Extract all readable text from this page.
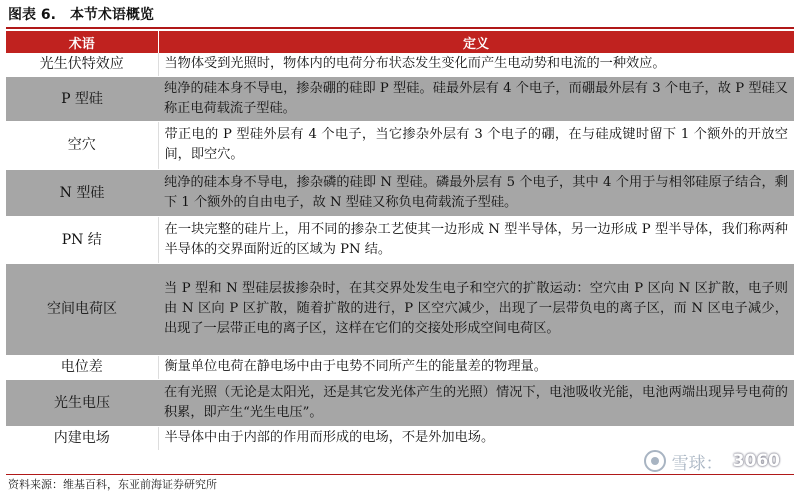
图表 6. 本节术语概览
术语	定义
光生伏特效应	当物体受到光照时，物体内的电荷分布状态发生变化而产生电动势和电流的一种效应。
P 型硅	纯净的硅本身不导电，掺杂硼的硅即 P 型硅。硅最外层有 4 个电子，而硼最外层有 3 个电子，故 P 型硅又称正电荷载流子型硅。
空穴	带正电的 P 型硅外层有 4 个电子，当它掺杂外层有 3 个电子的硼，在与硅成键时留下 1 个额外的开放空间，即空穴。
N 型硅	纯净的硅本身不导电，掺杂磷的硅即 N 型硅。磷最外层有 5 个电子，其中 4 个用于与相邻硅原子结合，剩下 1 个额外的自由电子，故 N 型硅又称负电荷载流子型硅。
PN 结	在一块完整的硅片上，用不同的掺杂工艺使其一边形成 N 型半导体，另一边形成 P 型半导体，我们称两种半导体的交界面附近的区域为 PN 结。
空间电荷区	当 P 型和 N 型硅层拔掺杂时，在其交界处发生电子和空穴的扩散运动：空穴由 P 区向 N 区扩散，电子则由 N 区向 P 区扩散，随着扩散的进行，P 区空穴减少，出现了一层带负电的离子区，而 N 区电子减少，出现了一层带正电的离子区，这样在它们的交接处形成空间电荷区。
电位差	衡量单位电荷在静电场中由于电势不同所产生的能量差的物理量。
光生电压	在有光照（无论是太阳光，还是其它发光体产生的光照）情况下，电池吸收光能，电池两端出现异号电荷的积累，即产生“光生电压”。
内建电场	半导体中由于内部的作用而形成的电场，不是外加电场。
资料来源：维基百科，东亚前海证券研究所
雪球： 3060
